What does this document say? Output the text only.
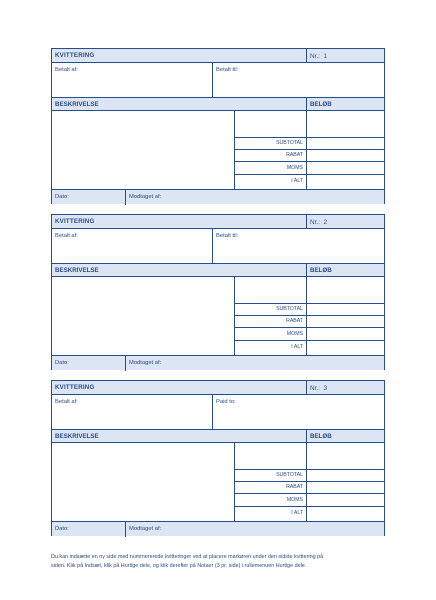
KVITTERING	Nr.: 1
Betalt af:	Betalt til:
BESKRIVELSE	BELØB
SUBTOTAL
RABAT
MOMS
I ALT
Dato:	Modtaget af:
KVITTERING	Nr.: 2
Betalt af:	Betalt til:
BESKRIVELSE	BELØB
SUBTOTAL
RABAT
MOMS
I ALT
Dato:	Modtaget af:
KVITTERING	Nr.: 3
Betalt af:	Paid to:
BESKRIVELSE	BELØB
SUBTOTAL
RABAT
MOMS
I ALT
Dato:	Modtaget af:
Du kan indsætte en ny side med nummererede kvitteringer ved at placere markøren under den sidste kvittering på
siden. Klik på Indsæt, klik på Hurtige dele, og klik derefter på Notaer (3 pr. side) i rullemenuen Hurtige dele.
